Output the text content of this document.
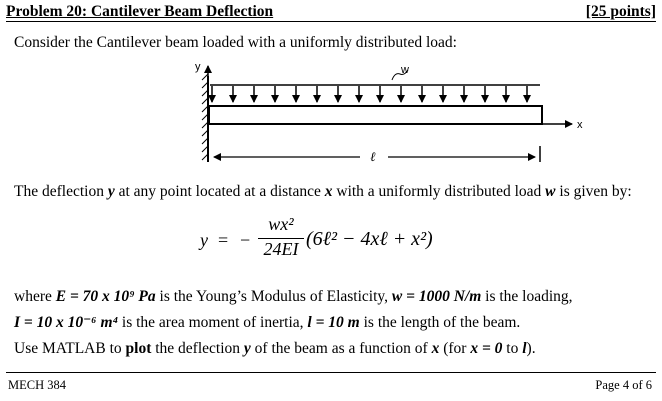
Problem 20: Cantilever Beam Deflection	[25 points]
Consider the Cantilever beam loaded with a uniformly distributed load:
y	w
x
ℓ
The deflection y at any point located at a distance x with a uniformly distributed load w is given by:
y = −
wx²
24EI (6ℓ² − 4xℓ + x²)
where E = 70 x 10⁹ Pa is the Young’s Modulus of Elasticity, w = 1000 N/m is the loading,
I = 10 x 10⁻⁶ m⁴ is the area moment of inertia, l = 10 m is the length of the beam.
Use MATLAB to plot the deflection y of the beam as a function of x (for x = 0 to l).
MECH 384	Page 4 of 6
